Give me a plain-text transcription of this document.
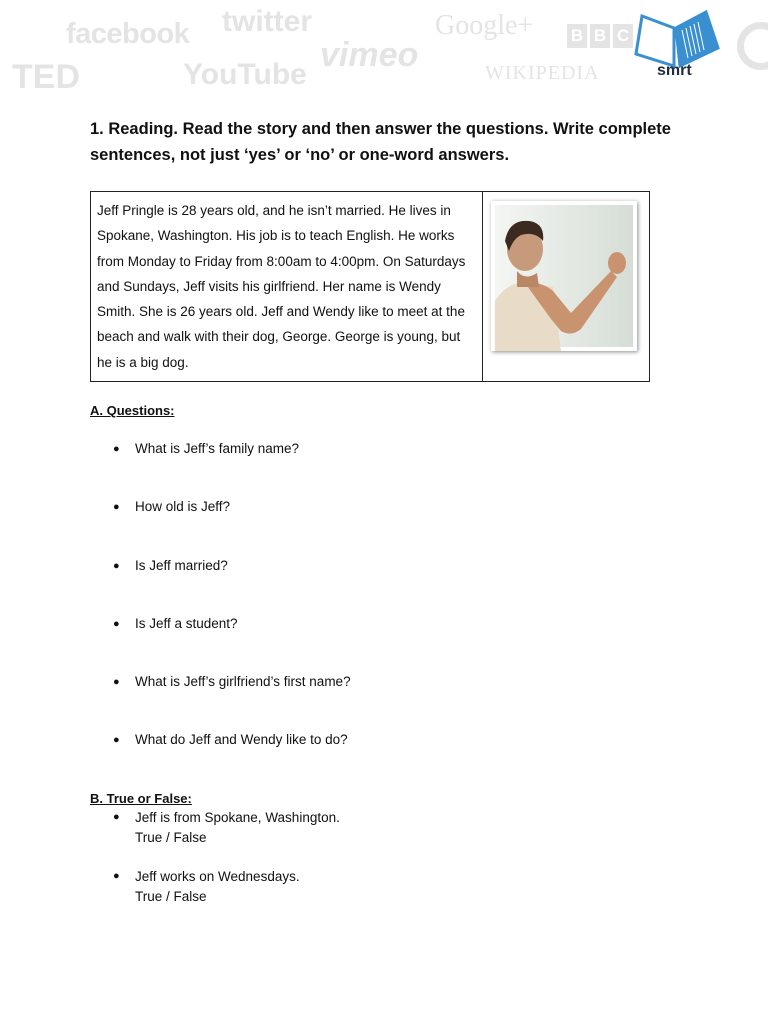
facebook twitter	Google+
vimeo
B B C
WIKIPEDIA
YouTube
TED	smrt
1. Reading. Read the story and then answer the questions. Write complete sentences, not just ‘yes’ or ‘no’ or one-word answers.
Jeff Pringle is 28 years old, and he isn’t married. He lives in Spokane, Washington. His job is to teach English. He works from Monday to Friday from 8:00am to 4:00pm. On Saturdays and Sundays, Jeff visits his girlfriend. Her name is Wendy Smith. She is 26 years old. Jeff and Wendy like to meet at the beach and walk with their dog, George. George is young, but he is a big dog.
A. Questions:
● What is Jeff’s family name?
● How old is Jeff?
● Is Jeff married?
● Is Jeff a student?
● What is Jeff’s girlfriend’s first name?
● What do Jeff and Wendy like to do?
B. True or False:
● Jeff is from Spokane, Washington.
True / False
● Jeff works on Wednesdays.
True / False
